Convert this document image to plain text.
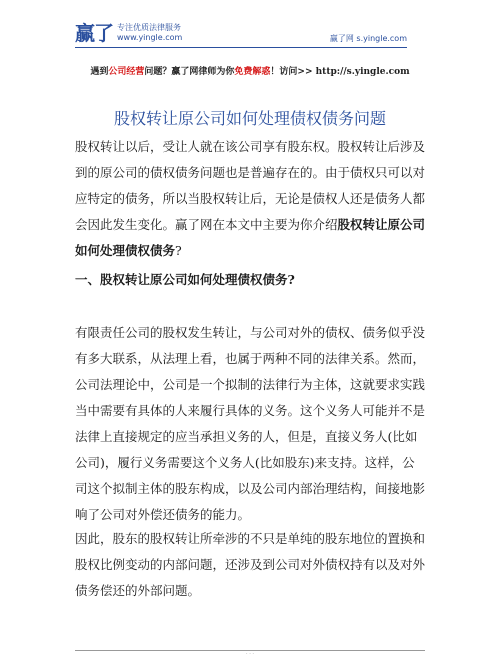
赢了 专注优质法律服务
www.yingle.com	赢了网 s.yingle.com
遇到公司经营问题？赢了网律师为你免费解惑！访问>> http://s.yingle.com
股权转让原公司如何处理债权债务问题

股权转让以后，受让人就在该公司享有股东权。股权转让后涉及到的原公司的债权债务问题也是普遍存在的。由于债权只可以对应特定的债务，所以当股权转让后，无论是债权人还是债务人都会因此发生变化。赢了网在本文中主要为你介绍股权转让原公司如何处理债权债务?

一、股权转让原公司如何处理债权债务?

有限责任公司的股权发生转让，与公司对外的债权、债务似乎没有多大联系，从法理上看，也属于两种不同的法律关系。然而，公司法理论中，公司是一个拟制的法律行为主体，这就要求实践当中需要有具体的人来履行具体的义务。这个义务人可能并不是法律上直接规定的应当承担义务的人，但是，直接义务人(比如公司)，履行义务需要这个义务人(比如股东)来支持。这样，公司这个拟制主体的股东构成，以及公司内部治理结构，间接地影响了公司对外偿还债务的能力。

因此，股东的股权转让所牵涉的不只是单纯的股东地位的置换和股权比例变动的内部问题，还涉及到公司对外债权持有以及对外债务偿还的外部问题。

· · ·
